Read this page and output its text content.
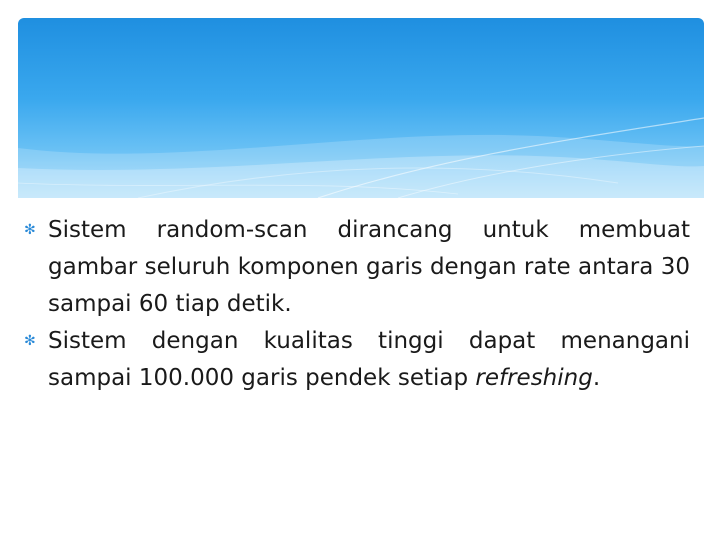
✻ Sistem random-scan dirancang untuk membuat gambar seluruh komponen garis dengan rate antara 30 sampai 60 tiap detik.
✻ Sistem dengan kualitas tinggi dapat menangani sampai 100.000 garis pendek setiap refreshing.
